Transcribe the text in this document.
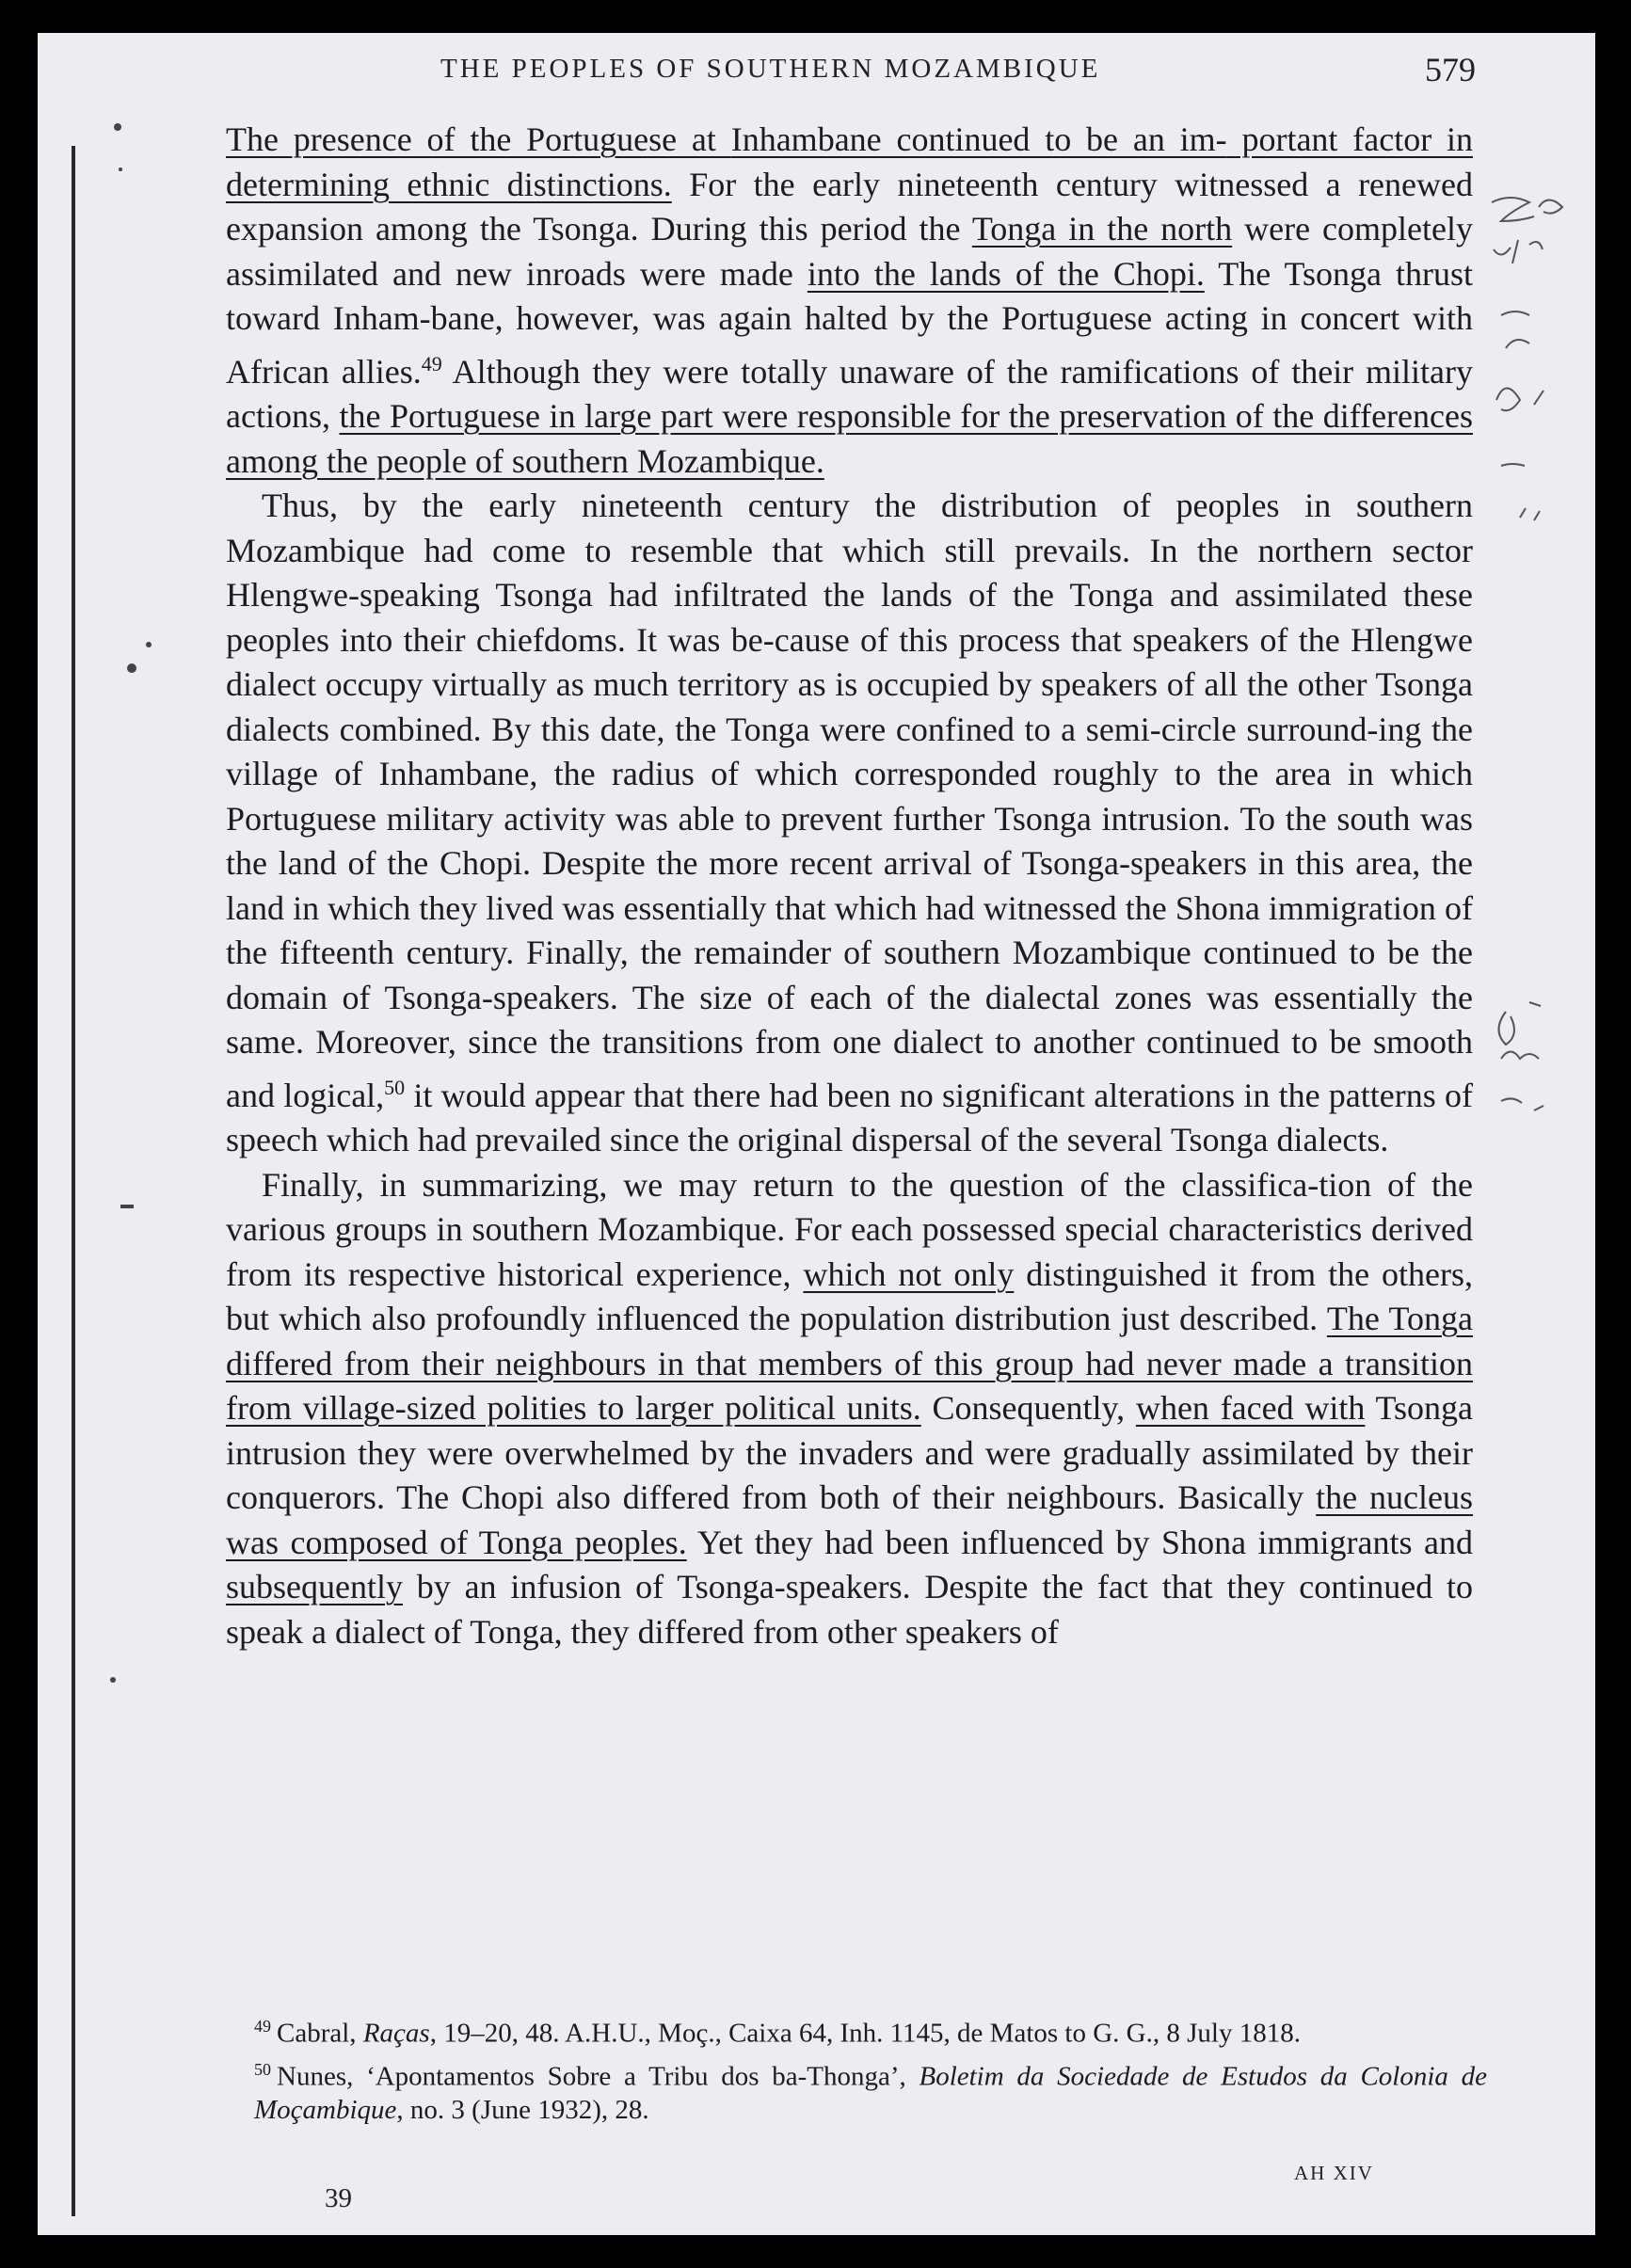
THE PEOPLES OF SOUTHERN MOZAMBIQUE	579

The presence of the Portuguese at Inhambane continued to be an im- portant factor in determining ethnic distinctions. For the early nineteenth century witnessed a renewed expansion among the Tsonga. During this period the Tonga in the north were completely assimilated and new inroads were made into the lands of the Chopi. The Tsonga thrust toward Inham-bane, however, was again halted by the Portuguese acting in concert with African allies.$^{49}$ Although they were totally unaware of the ramifications of their military actions, the Portuguese in large part were responsible for the preservation of the differences among the people of southern Mozambique.

Thus, by the early nineteenth century the distribution of peoples in southern Mozambique had come to resemble that which still prevails. In the northern sector Hlengwe-speaking Tsonga had infiltrated the lands of the Tonga and assimilated these peoples into their chiefdoms. It was be-cause of this process that speakers of the Hlengwe dialect occupy virtually as much territory as is occupied by speakers of all the other Tsonga dialects combined. By this date, the Tonga were confined to a semi-circle surround-ing the village of Inhambane, the radius of which corresponded roughly to the area in which Portuguese military activity was able to prevent further Tsonga intrusion. To the south was the land of the Chopi. Despite the more recent arrival of Tsonga-speakers in this area, the land in which they lived was essentially that which had witnessed the Shona immigration of the fifteenth century. Finally, the remainder of southern Mozambique continued to be the domain of Tsonga-speakers. The size of each of the dialectal zones was essentially the same. Moreover, since the transitions from one dialect to another continued to be smooth and logical,$^{50}$ it would appear that there had been no significant alterations in the patterns of speech which had prevailed since the original dispersal of the several Tsonga dialects.

Finally, in summarizing, we may return to the question of the classifica-tion of the various groups in southern Mozambique. For each possessed special characteristics derived from its respective historical experience, which not only distinguished it from the others, but which also profoundly influenced the population distribution just described. The Tonga differed from their neighbours in that members of this group had never made a transition from village-sized polities to larger political units. Consequently, when faced with Tsonga intrusion they were overwhelmed by the invaders and were gradually assimilated by their conquerors. The Chopi also differed from both of their neighbours. Basically the nucleus was composed of Tonga peoples. Yet they had been influenced by Shona immigrants and subsequently by an infusion of Tsonga-speakers. Despite the fact that they continued to speak a dialect of Tonga, they differed from other speakers of

$^{49}$ Cabral, Raças, 19–20, 48. A.H.U., Moç., Caixa 64, Inh. 1145, de Matos to G. G., 8 July 1818.

$^{50}$ Nunes, ‘Apontamentos Sobre a Tribu dos ba-Thonga’, Boletim da Sociedade de Estudos da Colonia de Moçambique, no. 3 (June 1932), 28.

39
AH XIV
